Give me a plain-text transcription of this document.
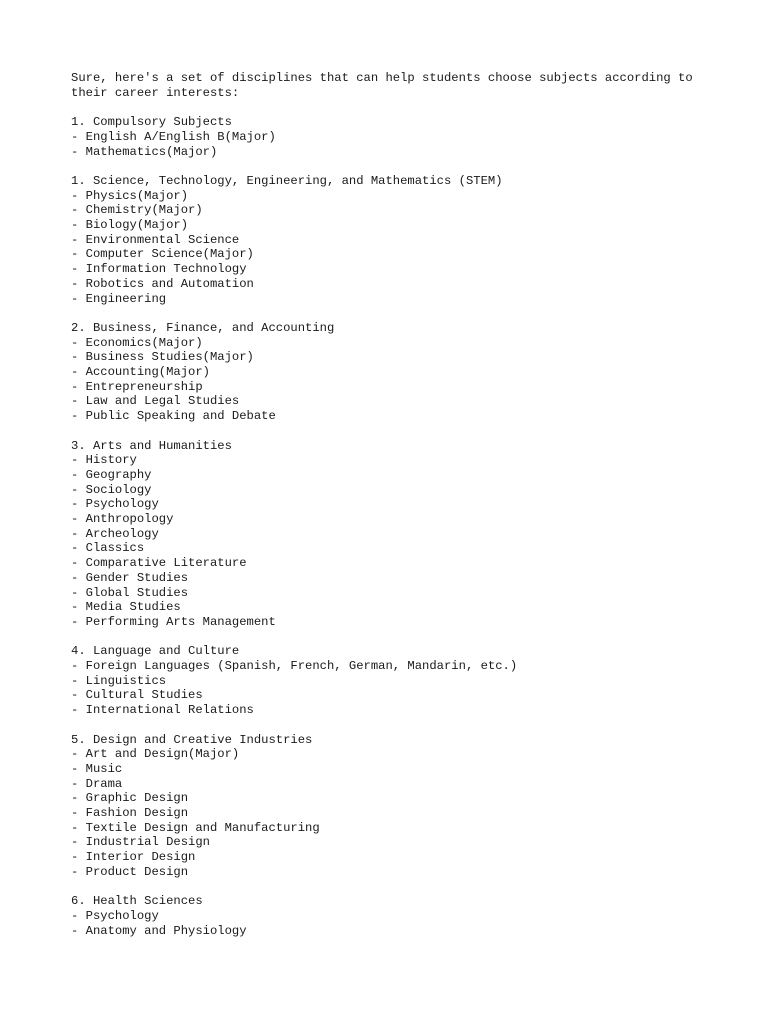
Sure, here's a set of disciplines that can help students choose subjects according to their career interests:

1. Compulsory Subjects
- English A/English B(Major)
- Mathematics(Major)
1. Science, Technology, Engineering, and Mathematics (STEM)
- Physics(Major)
- Chemistry(Major)
- Biology(Major)
- Environmental Science
- Computer Science(Major)
- Information Technology
- Robotics and Automation
- Engineering
2. Business, Finance, and Accounting
- Economics(Major)
- Business Studies(Major)
- Accounting(Major)
- Entrepreneurship
- Law and Legal Studies
- Public Speaking and Debate
3. Arts and Humanities
- History
- Geography
- Sociology
- Psychology
- Anthropology
- Archeology
- Classics
- Comparative Literature
- Gender Studies
- Global Studies
- Media Studies
- Performing Arts Management
4. Language and Culture
- Foreign Languages (Spanish, French, German, Mandarin, etc.)
- Linguistics
- Cultural Studies
- International Relations
5. Design and Creative Industries
- Art and Design(Major)
- Music
- Drama
- Graphic Design
- Fashion Design
- Textile Design and Manufacturing
- Industrial Design
- Interior Design
- Product Design
6. Health Sciences
- Psychology
- Anatomy and Physiology
